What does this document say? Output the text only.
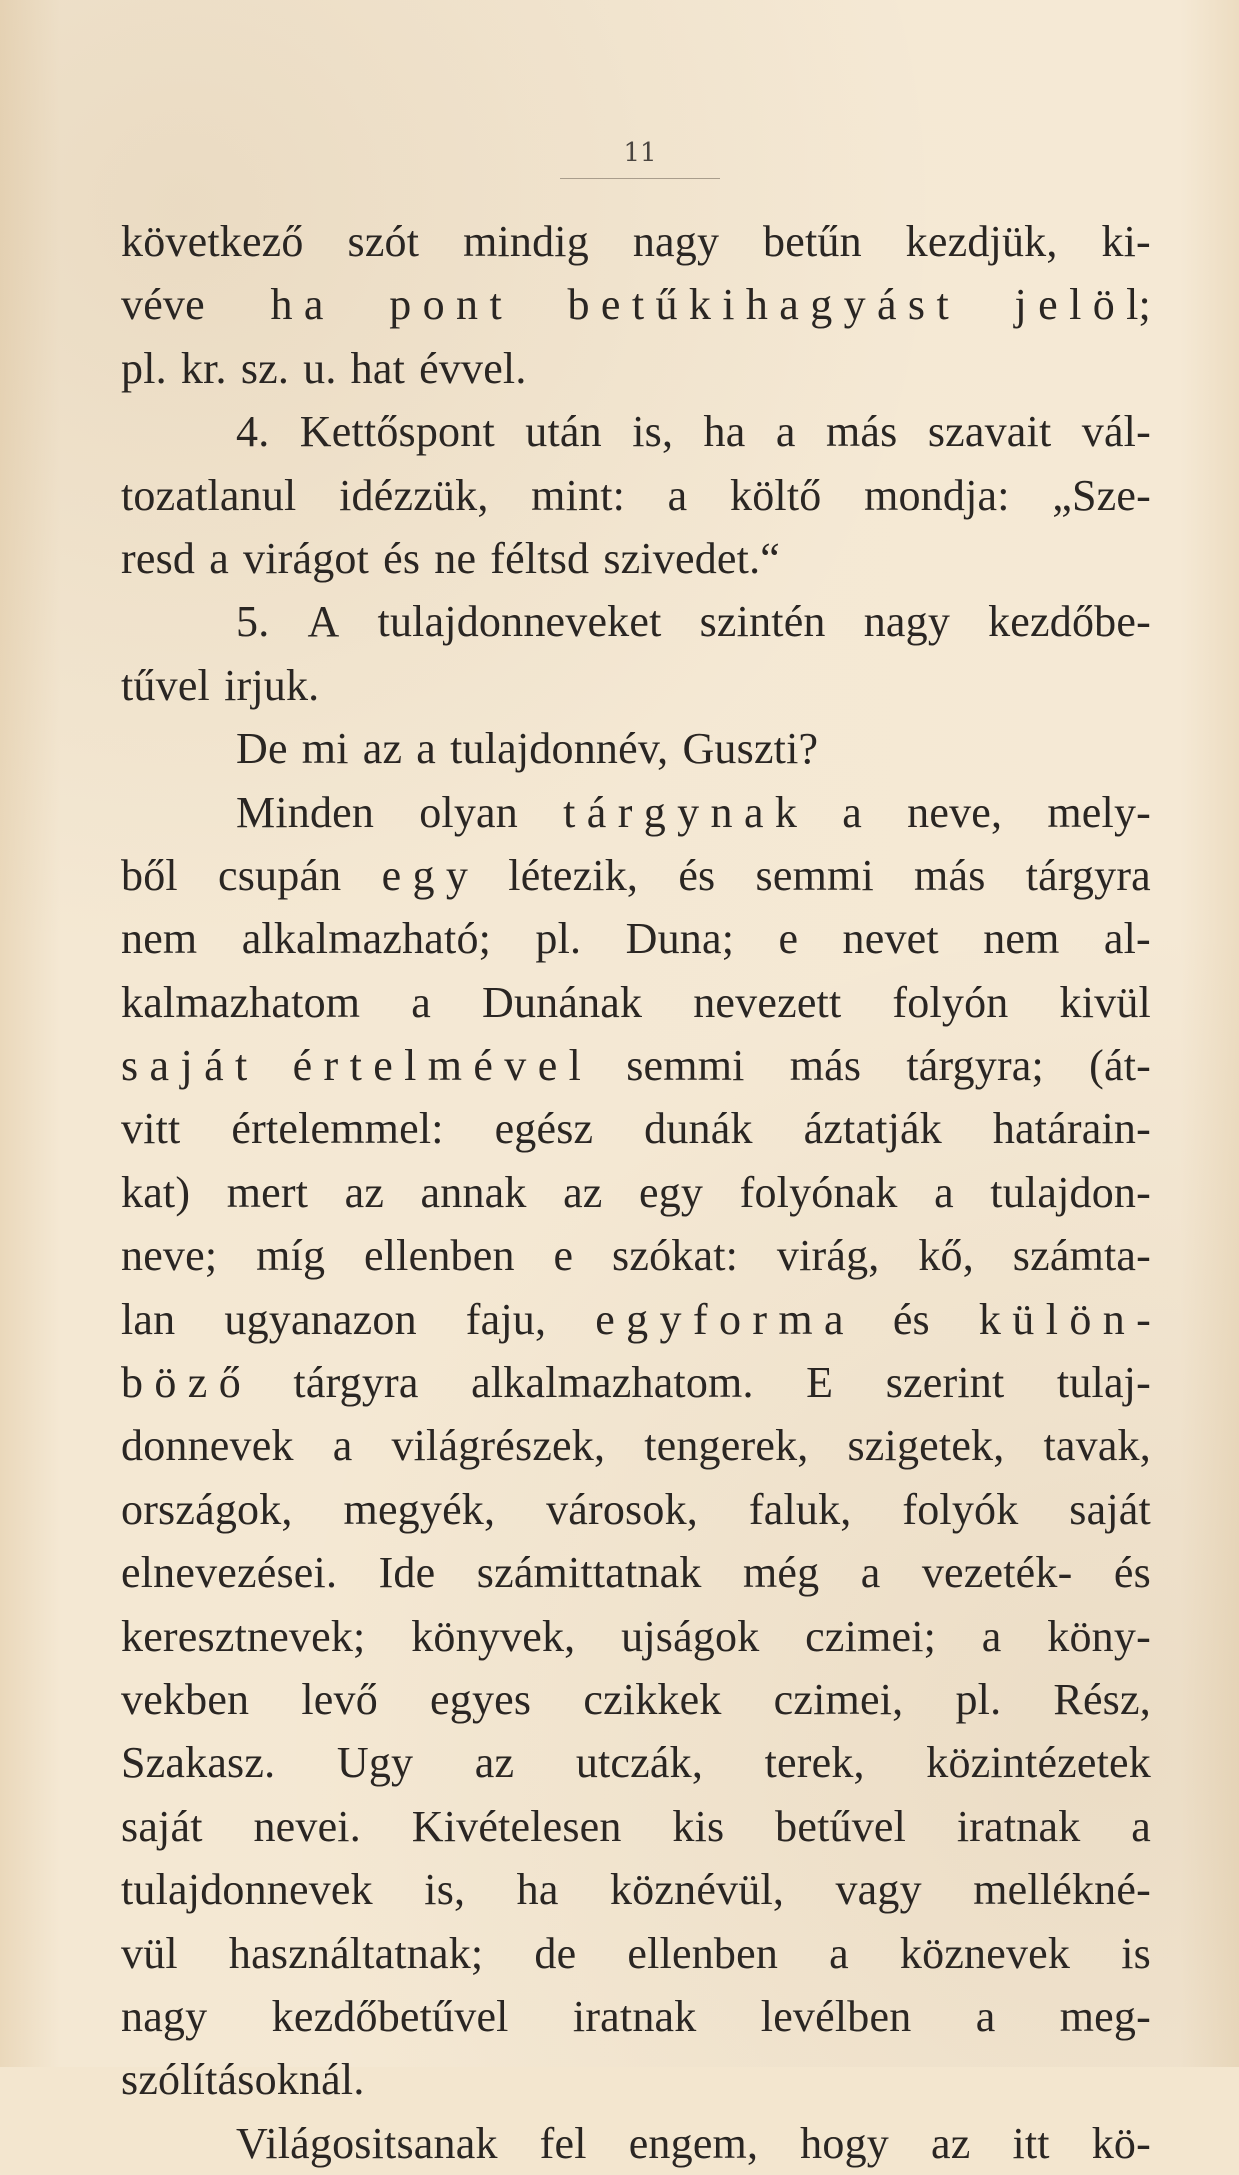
11
következő szót mindig nagy betűn kezdjük, ki-
véve h a p o n t b e t ű k i h a g y á s t j e l ö l;
pl. kr. sz. u. hat évvel.
4. Kettőspont után is, ha a más szavait vál-
tozatlanul idézzük, mint: a költő mondja: „Sze-
resd a virágot és ne féltsd szivedet.“
5. A tulajdonneveket szintén nagy kezdőbe-
tűvel irjuk.
De mi az a tulajdonnév, Guszti?
Minden olyan t á r g y n a k a neve, mely-
ből csupán e g y létezik, és semmi más tárgyra
nem alkalmazható; pl. Duna; e nevet nem al-
kalmazhatom a Dunának nevezett folyón kivül
s a j á t é r t e l m é v e l semmi más tárgyra; (át-
vitt értelemmel: egész dunák áztatják határain-
kat) mert az annak az egy folyónak a tulajdon-
neve; míg ellenben e szókat: virág, kő, számta-
lan ugyanazon faju, e g y f o r m a és k ü l ö n -
b ö z ő tárgyra alkalmazhatom. E szerint tulaj-
donnevek a világrészek, tengerek, szigetek, tavak,
országok, megyék, városok, faluk, folyók saját
elnevezései. Ide számittatnak még a vezeték- és
keresztnevek; könyvek, ujságok czimei; a köny-
vekben levő egyes czikkek czimei, pl. Rész,
Szakasz. Ugy az utczák, terek, közintézetek
saját nevei. Kivételesen kis betűvel iratnak a
tulajdonnevek is, ha köznévül, vagy mellékné-
vül használtatnak; de ellenben a köznevek is
nagy kezdőbetűvel iratnak levélben a meg-
szólításoknál.
Világositsanak fel engem, hogy az itt kö-
